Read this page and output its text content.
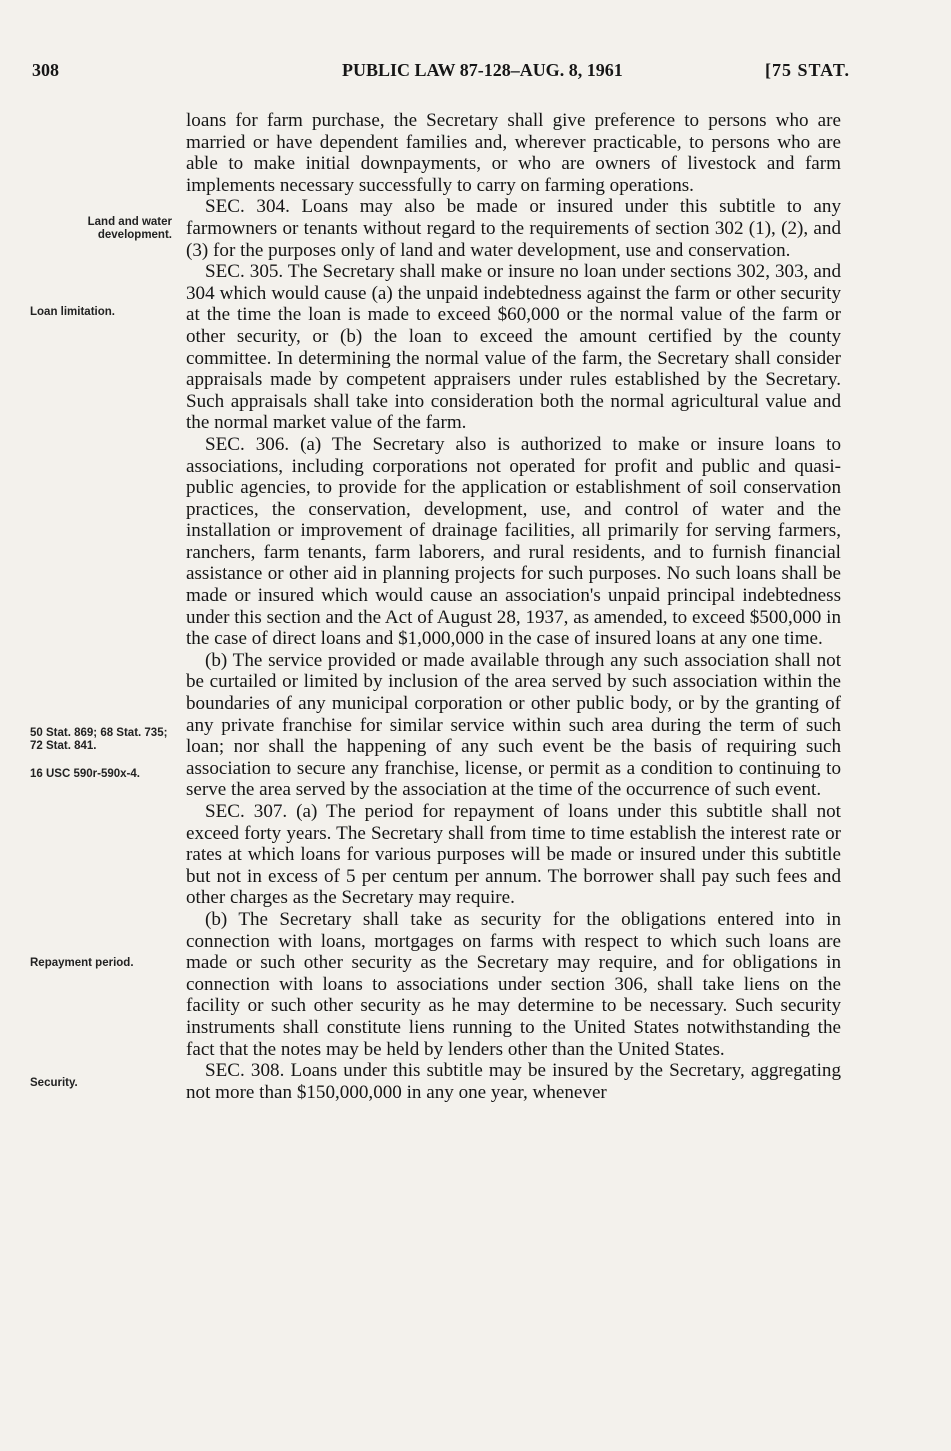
308	PUBLIC LAW 87-128–AUG. 8, 1961	[75 STAT.
Land and water development.
Loan limitation.
50 Stat. 869; 68 Stat. 735; 72 Stat. 841.
16 USC 590r-590x-4.
Repayment period.
Security.

loans for farm purchase, the Secretary shall give preference to persons who are married or have dependent families and, wherever practicable, to persons who are able to make initial downpayments, or who are owners of livestock and farm implements necessary successfully to carry on farming operations.

SEC. 304. Loans may also be made or insured under this subtitle to any farmowners or tenants without regard to the requirements of section 302 (1), (2), and (3) for the purposes only of land and water development, use and conservation.

SEC. 305. The Secretary shall make or insure no loan under sections 302, 303, and 304 which would cause (a) the unpaid indebtedness against the farm or other security at the time the loan is made to exceed $60,000 or the normal value of the farm or other security, or (b) the loan to exceed the amount certified by the county committee. In determining the normal value of the farm, the Secretary shall consider appraisals made by competent appraisers under rules established by the Secretary. Such appraisals shall take into consideration both the normal agricultural value and the normal market value of the farm.

SEC. 306. (a) The Secretary also is authorized to make or insure loans to associations, including corporations not operated for profit and public and quasi-public agencies, to provide for the application or establishment of soil conservation practices, the conservation, development, use, and control of water and the installation or improvement of drainage facilities, all primarily for serving farmers, ranchers, farm tenants, farm laborers, and rural residents, and to furnish financial assistance or other aid in planning projects for such purposes. No such loans shall be made or insured which would cause an association's unpaid principal indebtedness under this section and the Act of August 28, 1937, as amended, to exceed $500,000 in the case of direct loans and $1,000,000 in the case of insured loans at any one time.

(b) The service provided or made available through any such association shall not be curtailed or limited by inclusion of the area served by such association within the boundaries of any municipal corporation or other public body, or by the granting of any private franchise for similar service within such area during the term of such loan; nor shall the happening of any such event be the basis of requiring such association to secure any franchise, license, or permit as a condition to continuing to serve the area served by the association at the time of the occurrence of such event.

SEC. 307. (a) The period for repayment of loans under this subtitle shall not exceed forty years. The Secretary shall from time to time establish the interest rate or rates at which loans for various purposes will be made or insured under this subtitle but not in excess of 5 per centum per annum. The borrower shall pay such fees and other charges as the Secretary may require.

(b) The Secretary shall take as security for the obligations entered into in connection with loans, mortgages on farms with respect to which such loans are made or such other security as the Secretary may require, and for obligations in connection with loans to associations under section 306, shall take liens on the facility or such other security as he may determine to be necessary. Such security instruments shall constitute liens running to the United States notwithstanding the fact that the notes may be held by lenders other than the United States.

SEC. 308. Loans under this subtitle may be insured by the Secretary, aggregating not more than $150,000,000 in any one year, whenever
